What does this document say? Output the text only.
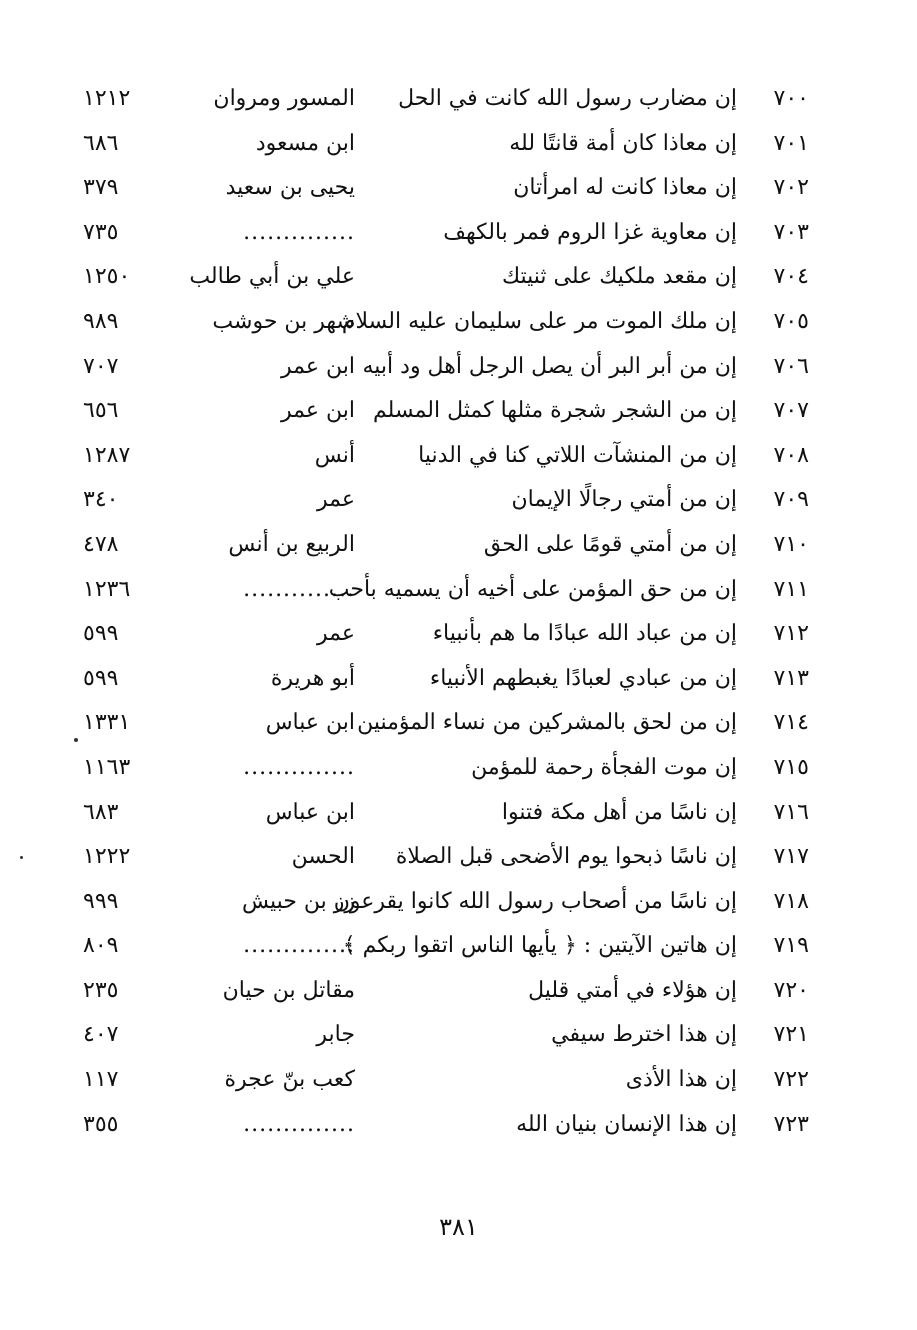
٧٠٠
إن مضارب رسول الله كانت في الحل
المسور ومروان
١٢١٢
٧٠١
إن معاذا كان أمة قانتًا لله
ابن مسعود
٦٨٦
٧٠٢
إن معاذا كانت له امرأتان
يحيى بن سعيد
٣٧٩
٧٠٣
إن معاوية غزا الروم فمر بالكهف
..............
٧٣٥
٧٠٤
إن مقعد ملكيك على ثنيتك
علي بن أبي طالب
١٢٥٠
٧٠٥
إن ملك الموت مر على سليمان عليه السلام
شهر بن حوشب
٩٨٩
٧٠٦
إن من أبر البر أن يصل الرجل أهل ود أبيه
ابن عمر
٧٠٧
٧٠٧
إن من الشجر شجرة مثلها كمثل المسلم
ابن عمر
٦٥٦
٧٠٨
إن من المنشآت اللاتي كنا في الدنيا
أنس
١٢٨٧
٧٠٩
إن من أمتي رجالًا الإيمان
عمر
٣٤٠
٧١٠
إن من أمتي قومًا على الحق
الربيع بن أنس
٤٧٨
٧١١
إن من حق المؤمن على أخيه أن يسميه بأحب
..............
١٢٣٦
٧١٢
إن من عباد الله عبادًا ما هم بأنبياء
عمر
٥٩٩
٧١٣
إن من عبادي لعبادًا يغبطهم الأنبياء
أبو هريرة
٥٩٩
٧١٤
إن من لحق بالمشركين من نساء المؤمنين
ابن عباس
١٣٣١
٧١٥
إن موت الفجأة رحمة للمؤمن
..............
١١٦٣
٧١٦
إن ناسًا من أهل مكة فتنوا
ابن عباس
٦٨٣
٧١٧
إن ناسًا ذبحوا يوم الأضحى قبل الصلاة
الحسن
١٢٢٢
٧١٨
إن ناسًا من أصحاب رسول الله كانوا يقرعون
زر بن حبيش
٩٩٩
٧١٩
إن هاتين الآيتين : ﴿ يأيها الناس اتقوا ربكم ﴾
..............
٨٠٩
٧٢٠
إن هؤلاء في أمتي قليل
مقاتل بن حيان
٢٣٥
٧٢١
إن هذا اخترط سيفي
جابر
٤٠٧
٧٢٢
إن هذا الأذى
كعب بنّ عجرة
١١٧
٧٢٣
إن هذا الإنسان بنيان الله
..............
٣٥٥
٣٨١
